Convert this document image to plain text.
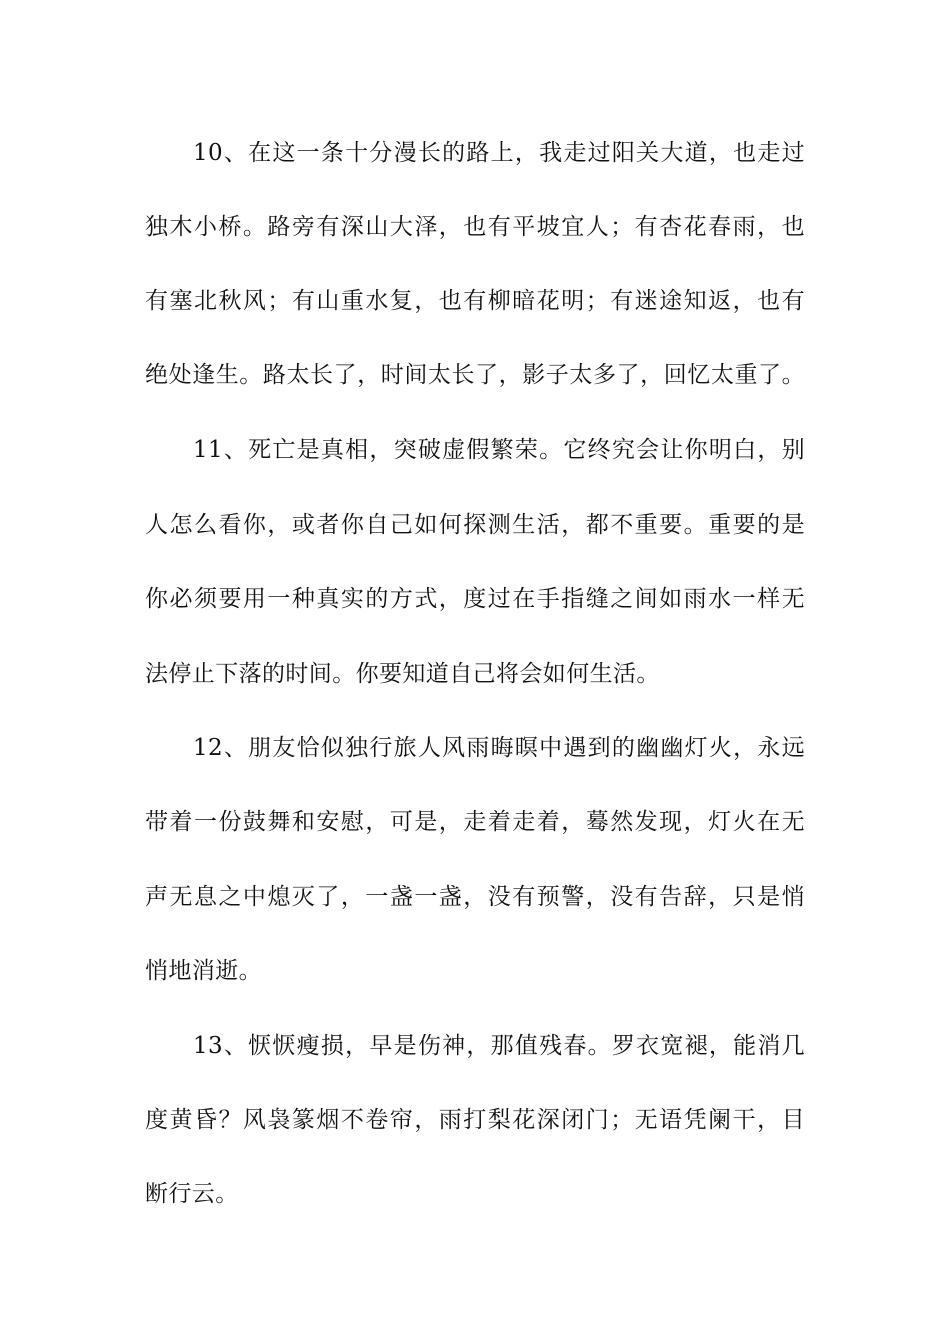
10、在这一条十分漫长的路上，我走过阳关大道，也走过
独木小桥。路旁有深山大泽，也有平坡宜人；有杏花春雨，也
有塞北秋风；有山重水复，也有柳暗花明；有迷途知返，也有
绝处逢生。路太长了，时间太长了，影子太多了，回忆太重了。
11、死亡是真相，突破虚假繁荣。它终究会让你明白，别
人怎么看你，或者你自己如何探测生活，都不重要。重要的是
你必须要用一种真实的方式，度过在手指缝之间如雨水一样无
法停止下落的时间。你要知道自己将会如何生活。
12、朋友恰似独行旅人风雨晦暝中遇到的幽幽灯火，永远
带着一份鼓舞和安慰，可是，走着走着，蓦然发现，灯火在无
声无息之中熄灭了，一盏一盏，没有预警，没有告辞，只是悄
悄地消逝。
13、恹恹瘦损，早是伤神，那值残春。罗衣宽褪，能消几
度黄昏？风袅篆烟不卷帘，雨打梨花深闭门；无语凭阑干，目
断行云。
